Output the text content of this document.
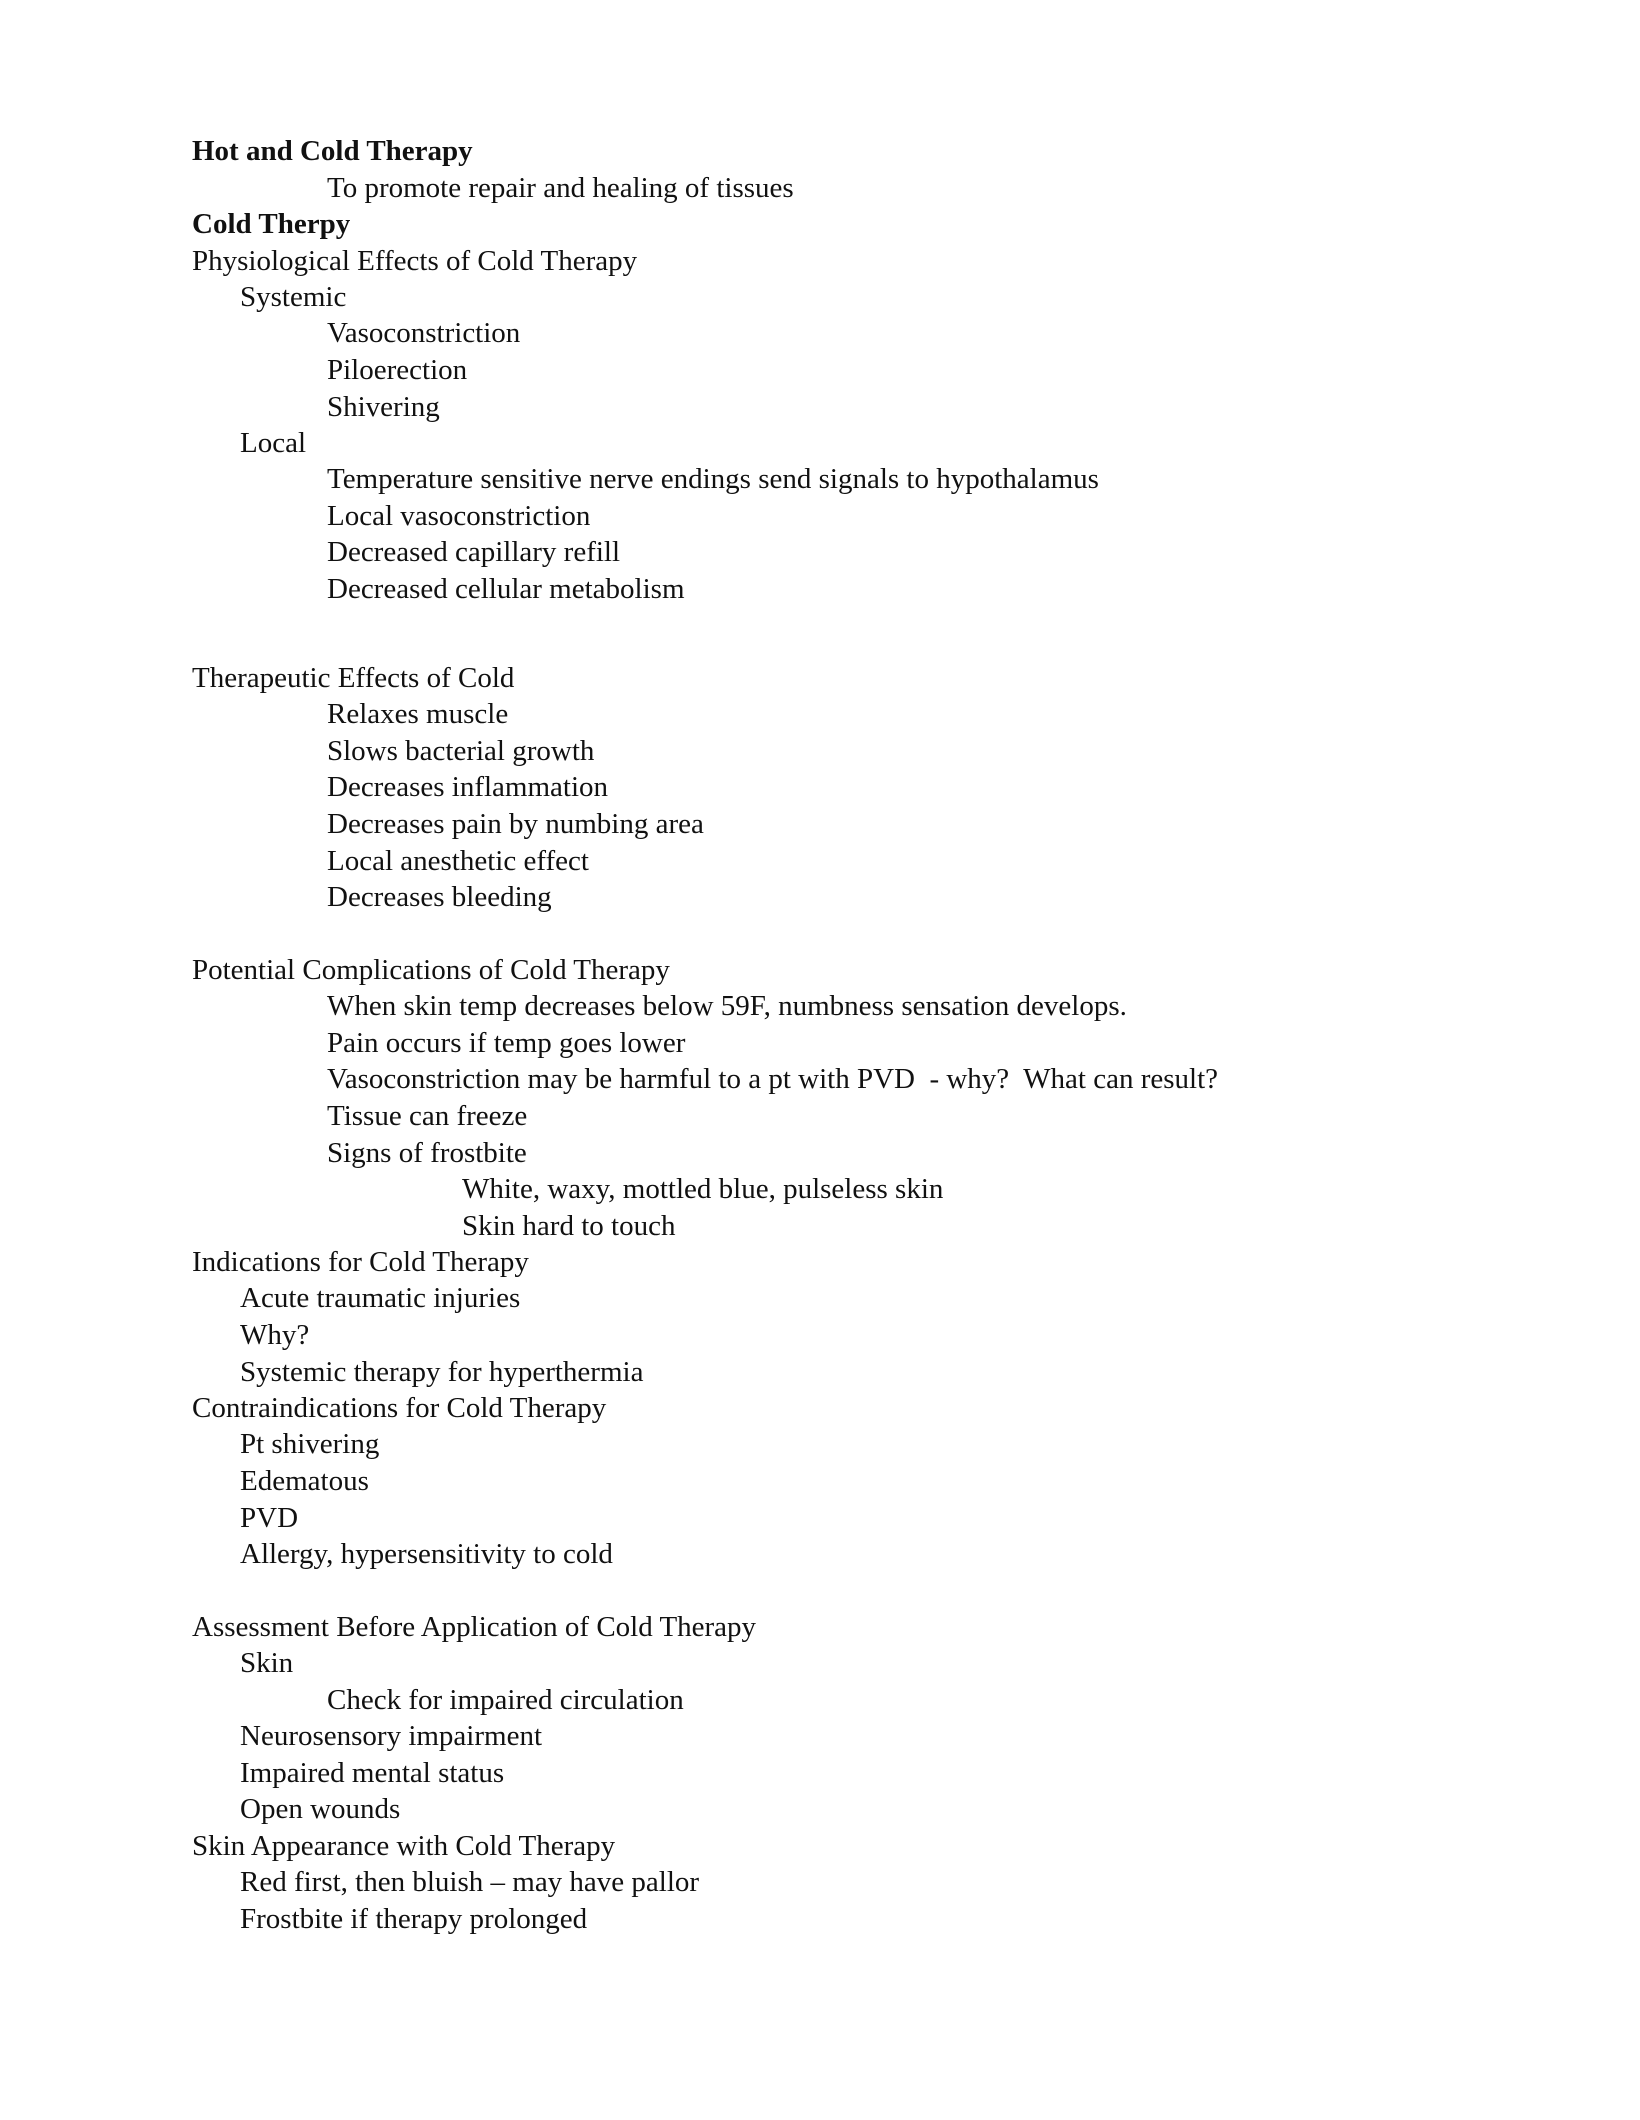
Hot and Cold Therapy
To promote repair and healing of tissues
Cold Therpy
Physiological Effects of Cold Therapy
Systemic
Vasoconstriction
Piloerection
Shivering
Local
Temperature sensitive nerve endings send signals to hypothalamus
Local vasoconstriction
Decreased capillary refill
Decreased cellular metabolism
Therapeutic Effects of Cold
Relaxes muscle
Slows bacterial growth
Decreases inflammation
Decreases pain by numbing area
Local anesthetic effect
Decreases bleeding
Potential Complications of Cold Therapy
When skin temp decreases below 59F, numbness sensation develops.
Pain occurs if temp goes lower
Vasoconstriction may be harmful to a pt with PVD  - why?  What can result?
Tissue can freeze
Signs of frostbite
White, waxy, mottled blue, pulseless skin
Skin hard to touch
Indications for Cold Therapy
Acute traumatic injuries
Why?
Systemic therapy for hyperthermia
Contraindications for Cold Therapy
Pt shivering
Edematous
PVD
Allergy, hypersensitivity to cold
Assessment Before Application of Cold Therapy
Skin
Check for impaired circulation
Neurosensory impairment
Impaired mental status
Open wounds
Skin Appearance with Cold Therapy
Red first, then bluish – may have pallor
Frostbite if therapy prolonged
